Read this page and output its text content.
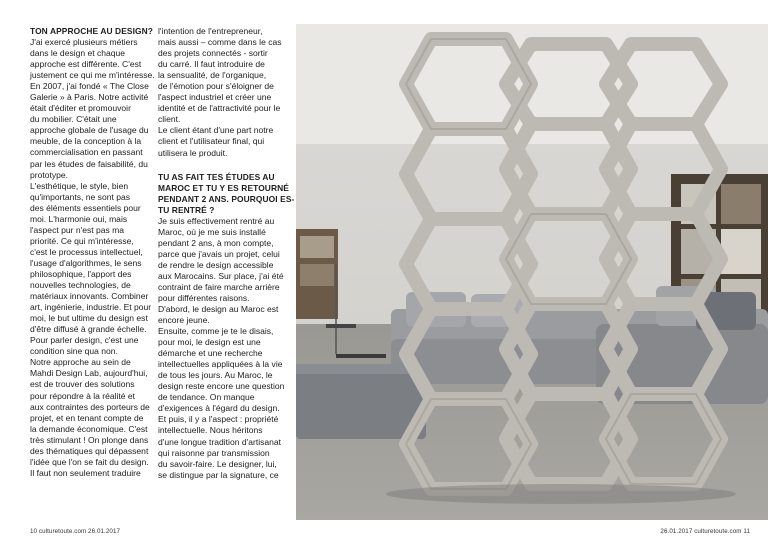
TON APPROCHE AU DESIGN?

J'ai exercé plusieurs métiers
dans le design et chaque
approche est différente. C'est
justement ce qui me m'intéresse.
En 2007, j'ai fondé « The Close
Galerie » à Paris. Notre activité
était d'éditer et promouvoir
du mobilier. C'était une
approche globale de l'usage du
meuble, de la conception à la
commercialisation en passant
par les études de faisabilité, du
prototype.

L'esthétique, le style, bien
qu'importants, ne sont pas
des éléments essentiels pour
moi. L'harmonie oui, mais
l'aspect pur n'est pas ma
priorité. Ce qui m'intéresse,
c'est le processus intellectuel,
l'usage d'algorithmes, le sens
philosophique, l'apport des
nouvelles technologies, de
matériaux innovants. Combiner
art, ingénierie, industrie. Et pour
moi, le but ultime du design est
d'être diffusé à grande échelle.
Pour parler design, c'est une
condition sine qua non.

Notre approche au sein de
Mahdi Design Lab, aujourd'hui,
est de trouver des solutions
pour répondre à la réalité et
aux contraintes des porteurs de
projet, et en tenant compte de
la demande économique. C'est
très stimulant ! On plonge dans
des thématiques qui dépassent
l'idée que l'on se fait du design.
Il faut non seulement traduire

l'intention de l'entrepreneur,
mais aussi – comme dans le cas
des projets connectés - sortir
du carré. Il faut introduire de
la sensualité, de l'organique,
de l'émotion pour s'éloigner de
l'aspect industriel et créer une
identité et de l'attractivité pour le
client.

Le client étant d'une part notre
client et l'utilisateur final, qui
utilisera le produit.

TU AS FAIT TES ÉTUDES AU
MAROC ET TU Y ES RETOURNÉ
PENDANT 2 ANS. POURQUOI ES-
TU RENTRÉ ?

Je suis effectivement rentré au
Maroc, où je me suis installé
pendant 2 ans, à mon compte,
parce que j'avais un projet, celui
de rendre le design accessible
aux Marocains. Sur place, j'ai été
contraint de faire marche arrière
pour différentes raisons.

D'abord, le design au Maroc est
encore jeune.

Ensuite, comme je te le disais,
pour moi, le design est une
démarche et une recherche
intellectuelles appliquées à la vie
de tous les jours. Au Maroc, le
design reste encore une question
de tendance. On manque
d'exigences à l'égard du design.
Et puis, il y a l'aspect : propriété
intellectuelle. Nous héritons
d'une longue tradition d'artisanat
qui raisonne par transmission
du savoir-faire. Le designer, lui,
se distingue par la signature, ce

10 culturetoute.com 26.01.2017	26.01.2017 culturetoute.com 11
